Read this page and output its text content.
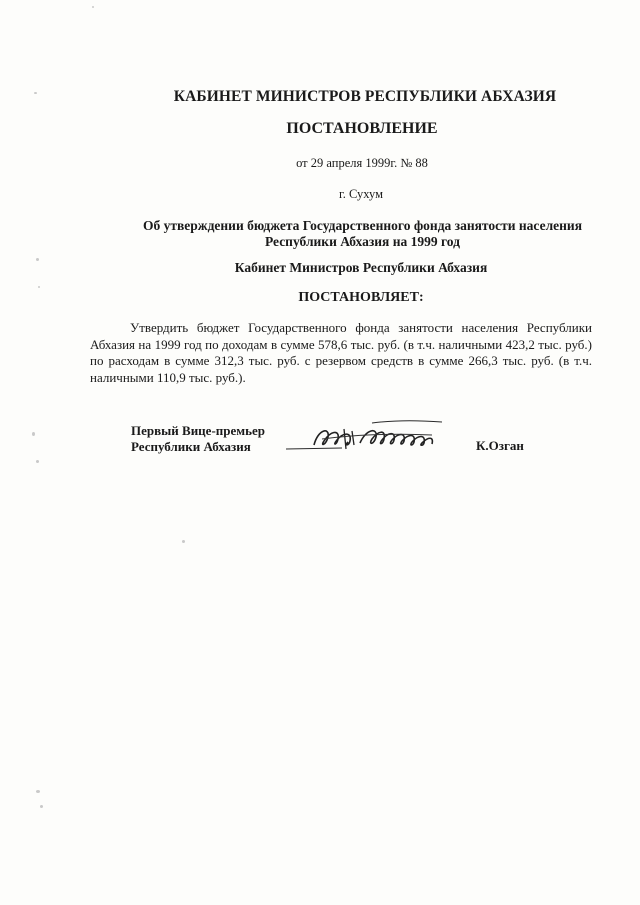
КАБИНЕТ МИНИСТРОВ РЕСПУБЛИКИ АБХАЗИЯ
ПОСТАНОВЛЕНИЕ
от 29 апреля 1999г. № 88
г. Сухум
Об утверждении бюджета Государственного фонда занятости населения
Республики Абхазия на 1999 год
Кабинет Министров Республики Абхазия
ПОСТАНОВЛЯЕТ:

Утвердить бюджет Государственного фонда занятости населения Республики Абхазия на 1999 год по доходам в сумме 578,6 тыс. руб. (в т.ч. наличными 423,2 тыс. руб.) по расходам в сумме 312,3 тыс. руб. с резервом средств в сумме 266,3 тыс. руб. (в т.ч. наличными 110,9 тыс. руб.).

Первый Вице-премьер
Республики Абхазия	К.Озган
